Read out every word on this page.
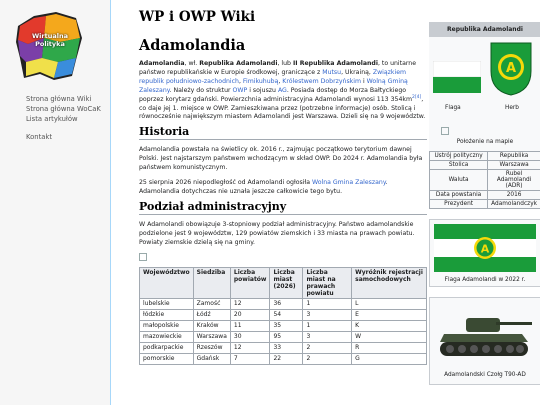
Wirtualna Polityka
Strona główna Wiki
Strona główna WoCaK
Lista artykułów
Kontakt
WP i OWP Wiki
Adamolandia

Adamolandia, wł. Republika Adamolandi, lub II Republika Adamolandi, to unitarne państwo republikańskie w Europie środkowej, graniczące z Mutsu, Ukrainą, Związkiem republik południowo-zachodnich, Fimikuhubą, Królestwem Dobrzyńskim i Wolną Gminą Zaleszany. Należy do struktur OWP i sojuszu AG. Posiada dostęp do Morza Bałtyckiego poprzez korytarz gdański. Powierzchnia administracyjna Adamolandi wynosi 113 354km$^{2[4]}$, co daje jej 1. miejsce w OWP. Zamieszkiwana przez (potrzebne informacje) osób. Stolicą i równocześnie największym miastem Adamolandi jest Warszawa. Dzieli się na 9 województw.

Historia

Adamolandia powstała na świetlicy ok. 2016 r., zajmując początkowo terytorium dawnej Polski. Jest najstarszym państwem wchodzącym w skład OWP. Do 2024 r. Adamolandia była państwem komunistycznym.

25 sierpnia 2026 niepodległość od Adamolandi ogłosiła Wolna Gmina Zaleszany. Adamolandia dotychczas nie uznała jeszcze całkowicie tego bytu.

Podział administracyjny

W Adamolandi obowiązuje 3-stopniowy podział administracyjny. Państwo adamolandskie podzielone jest 9 województw, 129 powiatów ziemskich i 33 miasta na prawach powiatu. Powiaty ziemskie dzielą się na gminy.

Województwo	Siedziba	Liczba powiatów	Liczba miast (2026)	Liczba miast na prawach powiatu	Wyróżnik rejestracji samochodowych
lubelskie	Zamość	12	36	1	L
łódzkie	Łódź	20	54	3	E
małopolskie	Kraków	11	35	1	K
mazowieckie	Warszawa	30	95	3	W
podkarpackie	Rzeszów	12	33	2	R
pomorskie	Gdańsk	7	22	2	G
Republika Adamolandi
Flaga
A
Herb
Położenie na mapie
Ustrój polityczny	Republika
Stolica	Warszawa
Waluta	Rubel Adamolandi (ADR)
Data powstania	2016
Prezydent	Adamolandczyk
A
Flaga Adamolandi w 2022 r.
Adamolandski Czołg T90-AD
